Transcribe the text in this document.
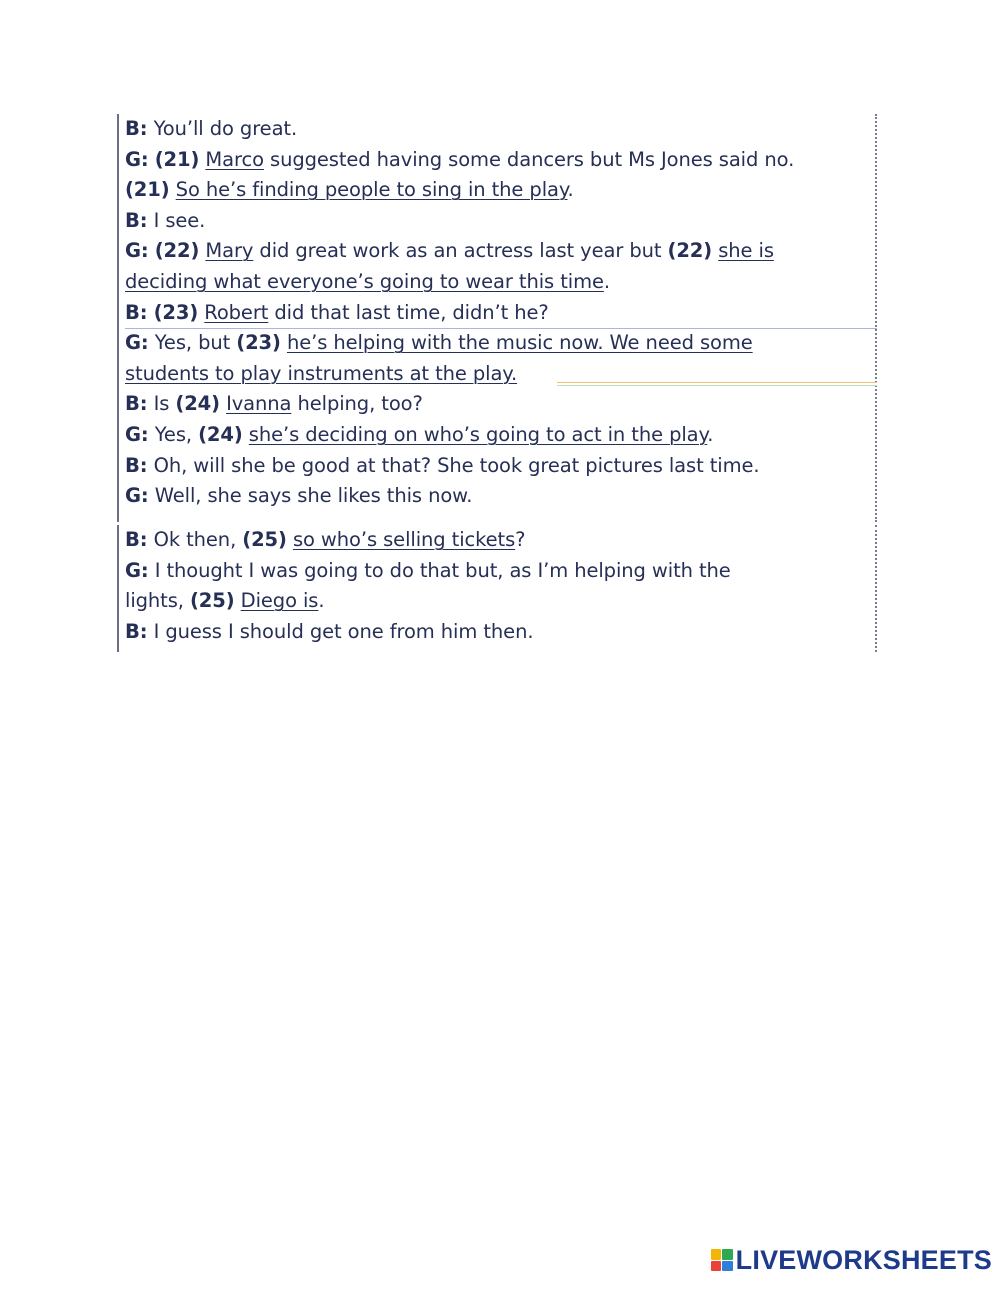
B: You’ll do great.
G: (21) Marco suggested having some dancers but Ms Jones said no.
(21) So he’s finding people to sing in the play.
B: I see.
G: (22) Mary did great work as an actress last year but (22) she is
deciding what everyone’s going to wear this time.
B: (23) Robert did that last time, didn’t he?
G: Yes, but (23) he’s helping with the music now. We need some
students to play instruments at the play.
B: Is (24) Ivanna helping, too?
G: Yes, (24) she’s deciding on who’s going to act in the play.
B: Oh, will she be good at that? She took great pictures last time.
G: Well, she says she likes this now.
B: Ok then, (25) so who’s selling tickets?
G: I thought I was going to do that but, as I’m helping with the
lights, (25) Diego is.
B: I guess I should get one from him then.
LIVEWORKSHEETS
